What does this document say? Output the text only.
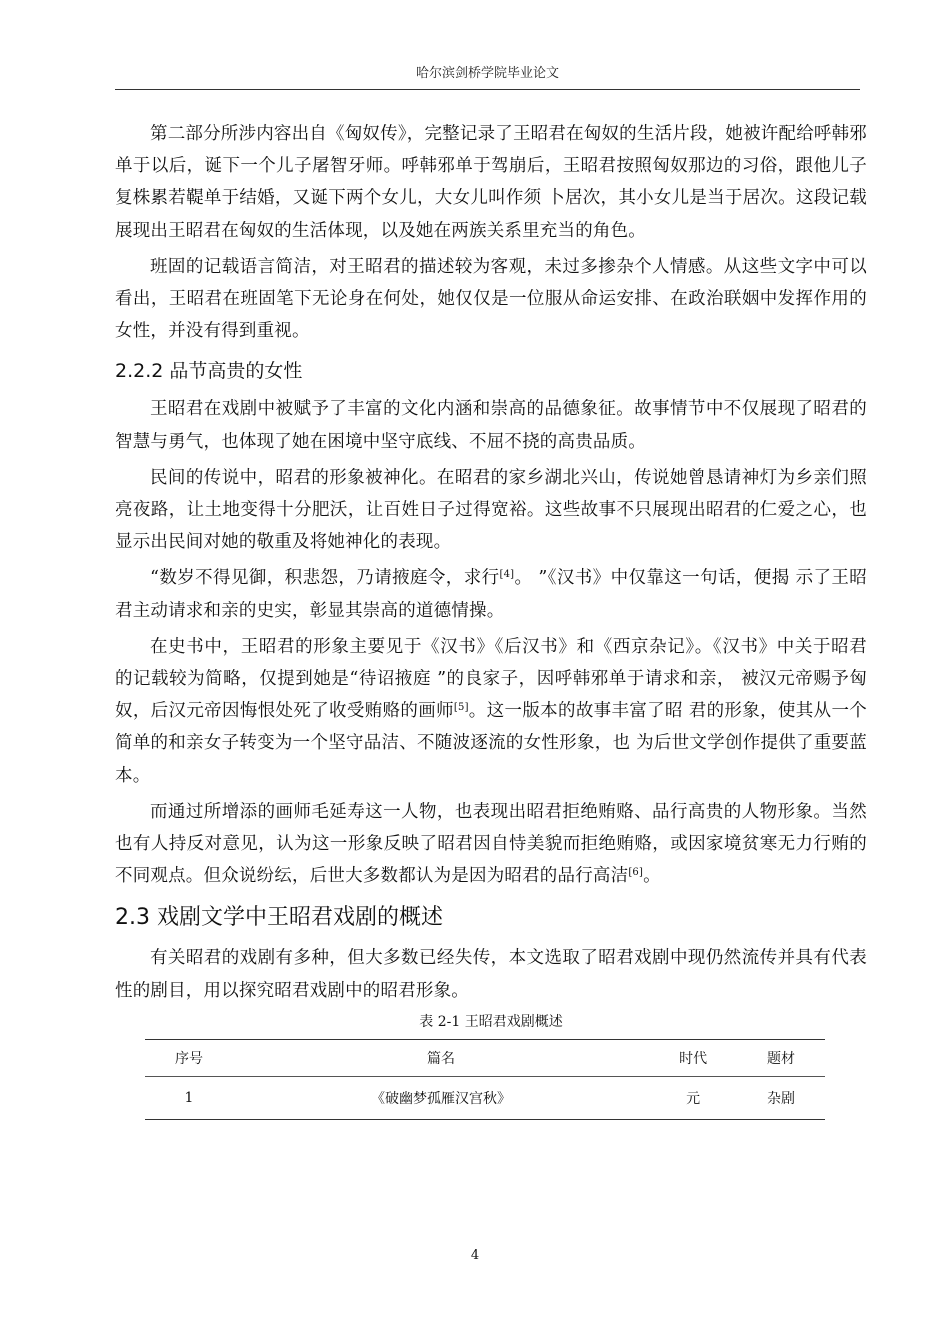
哈尔滨剑桥学院毕业论文

第二部分所涉内容出自《匈奴传》，完整记录了王昭君在匈奴的生活片段，她被许配给呼韩邪单于以后，诞下一个儿子屠智牙师。呼韩邪单于驾崩后，王昭君按照匈奴那边的习俗，跟他儿子复株累若鞮单于结婚，又诞下两个女儿，大女儿叫作须 卜居次，其小女儿是当于居次。这段记载展现出王昭君在匈奴的生活体现，以及她在两族关系里充当的角色。

班固的记载语言简洁，对王昭君的描述较为客观，未过多掺杂个人情感。从这些文字中可以看出，王昭君在班固笔下无论身在何处，她仅仅是一位服从命运安排、在政治联姻中发挥作用的女性，并没有得到重视。

2.2.2 品节高贵的女性

王昭君在戏剧中被赋予了丰富的文化内涵和崇高的品德象征。故事情节中不仅展现了昭君的智慧与勇气，也体现了她在困境中坚守底线、不屈不挠的高贵品质。

民间的传说中，昭君的形象被神化。在昭君的家乡湖北兴山，传说她曾恳请神灯为乡亲们照亮夜路，让土地变得十分肥沃，让百姓日子过得宽裕。这些故事不只展现出昭君的仁爱之心，也显示出民间对她的敬重及将她神化的表现。

“数岁不得见御，积悲怨，乃请掖庭令，求行[4]。 ”《汉书》中仅靠这一句话，便揭 示了王昭君主动请求和亲的史实，彰显其崇高的道德情操。

在史书中，王昭君的形象主要见于《汉书》《后汉书》和《西京杂记》。《汉书》中关于昭君的记载较为简略，仅提到她是“待诏掖庭 ”的良家子，因呼韩邪单于请求和亲， 被汉元帝赐予匈奴，后汉元帝因悔恨处死了收受贿赂的画师[5]。这一版本的故事丰富了昭 君的形象，使其从一个简单的和亲女子转变为一个坚守品洁、不随波逐流的女性形象，也 为后世文学创作提供了重要蓝本。

而通过所增添的画师毛延寿这一人物，也表现出昭君拒绝贿赂、品行高贵的人物形象。当然也有人持反对意见，认为这一形象反映了昭君因自恃美貌而拒绝贿赂，或因家境贫寒无力行贿的不同观点。但众说纷纭，后世大多数都认为是因为昭君的品行高洁[6]。

2.3 戏剧文学中王昭君戏剧的概述

有关昭君的戏剧有多种，但大多数已经失传，本文选取了昭君戏剧中现仍然流传并具有代表性的剧目，用以探究昭君戏剧中的昭君形象。

表 2-1 王昭君戏剧概述
序号	篇名	时代	题材
1	《破幽梦孤雁汉宫秋》	元	杂剧
4
